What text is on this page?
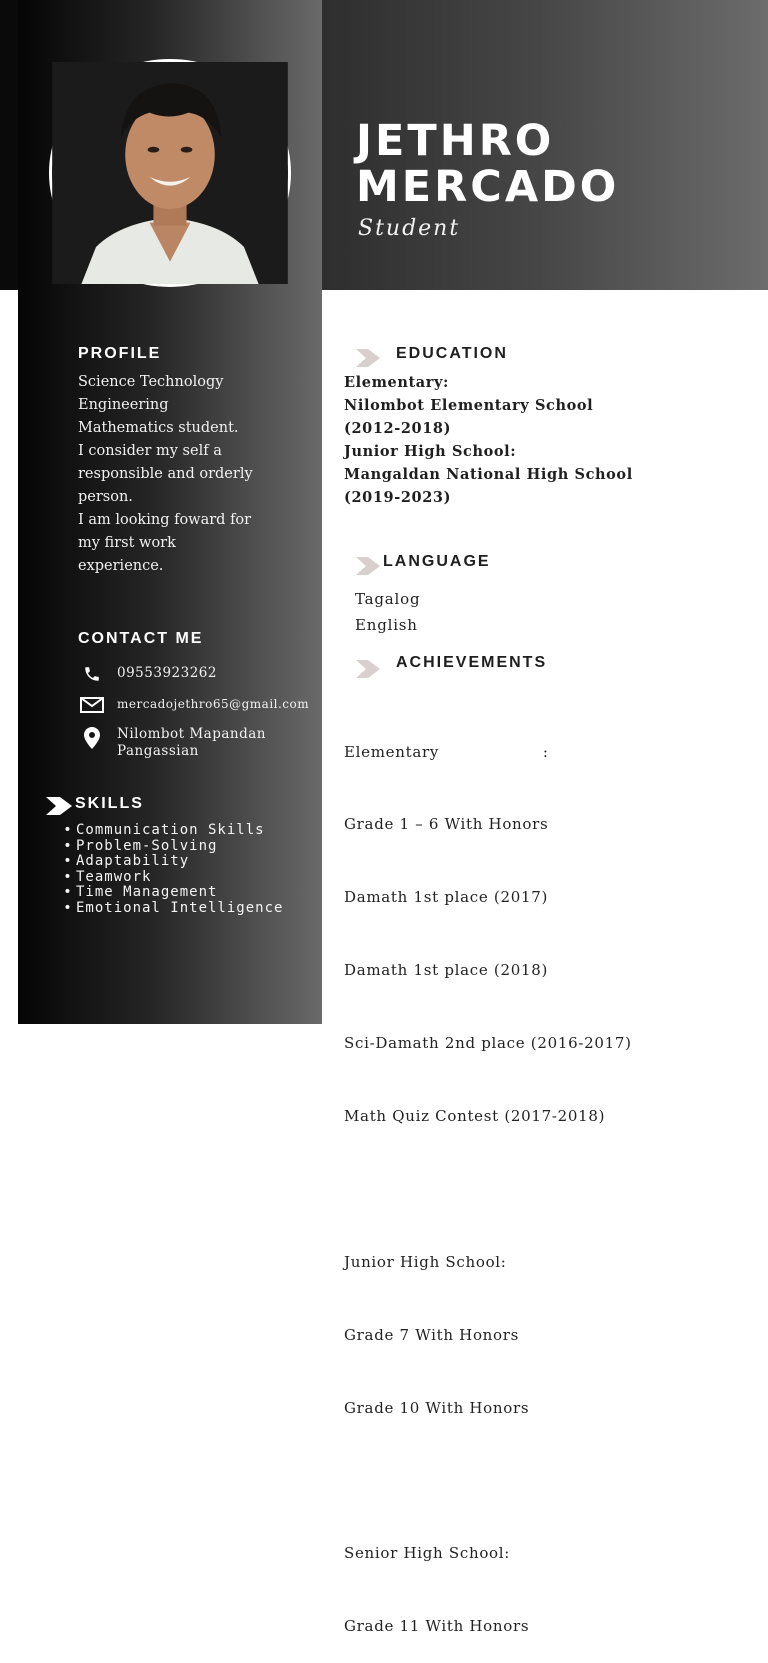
JETHRO
MERCADO
Student
PROFILE
Science Technology
Engineering
Mathematics student.
I consider my self a
responsible and orderly
person.
I am looking foward for
my first work
experience.
CONTACT ME
09553923262
mercadojethro65@gmail.com
Nilombot Mapandan
Pangassian
SKILLS
• Communication Skills
• Problem-Solving
• Adaptability
• Teamwork
• Time Management
• Emotional Intelligence
EDUCATION
Elementary:
Nilombot Elementary School
(2012-2018)
Junior High School:
Mangaldan National High School
(2019-2023)
LANGUAGE
Tagalog
English
ACHIEVEMENTS

Elementary                   :

Grade 1 – 6 With Honors

Damath 1st place (2017)

Damath 1st place (2018)

Sci-Damath 2nd place (2016-2017)

Math Quiz Contest (2017-2018)

Junior High School:

Grade 7 With Honors

Grade 10 With Honors

Senior High School:

Grade 11 With Honors
